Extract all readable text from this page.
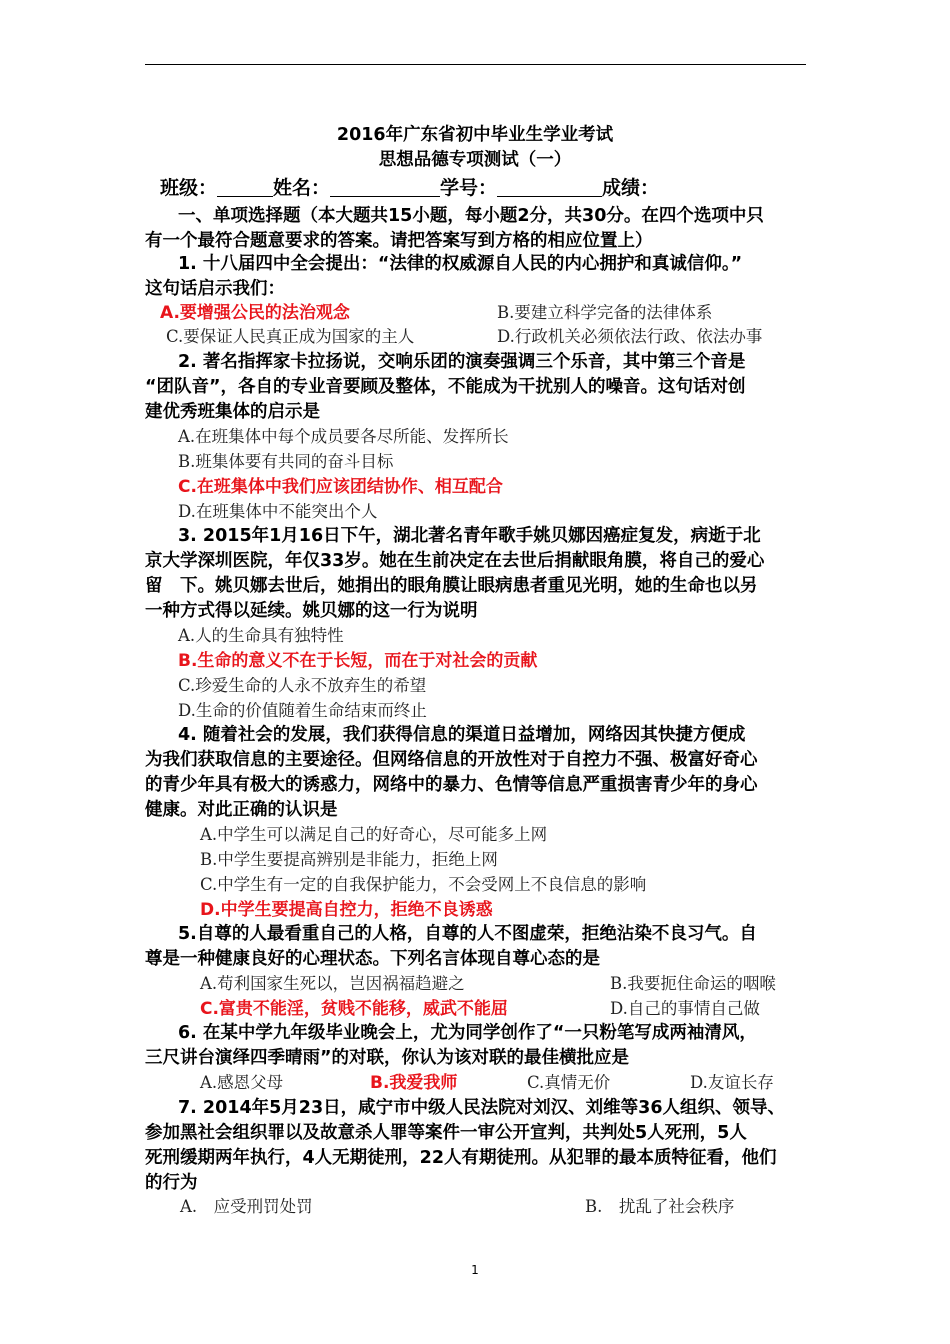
2016年广东省初中毕业生学业考试
思想品德专项测试（一）
班级：	姓名：	学号：	成绩：
一、单项选择题（本大题共15小题，每小题2分，共30分。在四个选项中只
有一个最符合题意要求的答案。请把答案写到方格的相应位置上）
1. 十八届四中全会提出：“法律的权威源自人民的内心拥护和真诚信仰。”
这句话启示我们：
A.要增强公民的法治观念	B.要建立科学完备的法律体系
C.要保证人民真正成为国家的主人	D.行政机关必须依法行政、依法办事
2. 著名指挥家卡拉扬说，交响乐团的演奏强调三个乐音，其中第三个音是
“团队音”，各自的专业音要顾及整体，不能成为干扰别人的噪音。这句话对创
建优秀班集体的启示是
A.在班集体中每个成员要各尽所能、发挥所长
B.班集体要有共同的奋斗目标
C.在班集体中我们应该团结协作、相互配合
D.在班集体中不能突出个人
3. 2015年1月16日下午，湖北著名青年歌手姚贝娜因癌症复发，病逝于北
京大学深圳医院，年仅33岁。她在生前决定在去世后捐献眼角膜，将自己的爱心
留　下。姚贝娜去世后，她捐出的眼角膜让眼病患者重见光明，她的生命也以另
一种方式得以延续。姚贝娜的这一行为说明
A.人的生命具有独特性
B.生命的意义不在于长短，而在于对社会的贡献
C.珍爱生命的人永不放弃生的希望
D.生命的价值随着生命结束而终止
4. 随着社会的发展，我们获得信息的渠道日益增加，网络因其快捷方便成
为我们获取信息的主要途径。但网络信息的开放性对于自控力不强、极富好奇心
的青少年具有极大的诱惑力，网络中的暴力、色情等信息严重损害青少年的身心
健康。对此正确的认识是
A.中学生可以满足自己的好奇心，尽可能多上网
B.中学生要提高辨别是非能力，拒绝上网
C.中学生有一定的自我保护能力，不会受网上不良信息的影响
D.中学生要提高自控力，拒绝不良诱惑
5.自尊的人最看重自己的人格，自尊的人不图虚荣，拒绝沾染不良习气。自
尊是一种健康良好的心理状态。下列名言体现自尊心态的是
A.苟利国家生死以，岂因祸福趋避之	B.我要扼住命运的咽喉
C.富贵不能淫，贫贱不能移，威武不能屈	D.自己的事情自己做
6. 在某中学九年级毕业晚会上，尤为同学创作了“一只粉笔写成两袖清风，
三尺讲台演绎四季晴雨”的对联，你认为该对联的最佳横批应是
A.感恩父母	B.我爱我师	C.真情无价	D.友谊长存
7. 2014年5月23日，咸宁市中级人民法院对刘汉、刘维等36人组织、领导、
参加黑社会组织罪以及故意杀人罪等案件一审公开宣判，共判处5人死刑，5人
死刑缓期两年执行，4人无期徒刑，22人有期徒刑。从犯罪的最本质特征看，他们
的行为
A.　应受刑罚处罚	B.　扰乱了社会秩序
1
